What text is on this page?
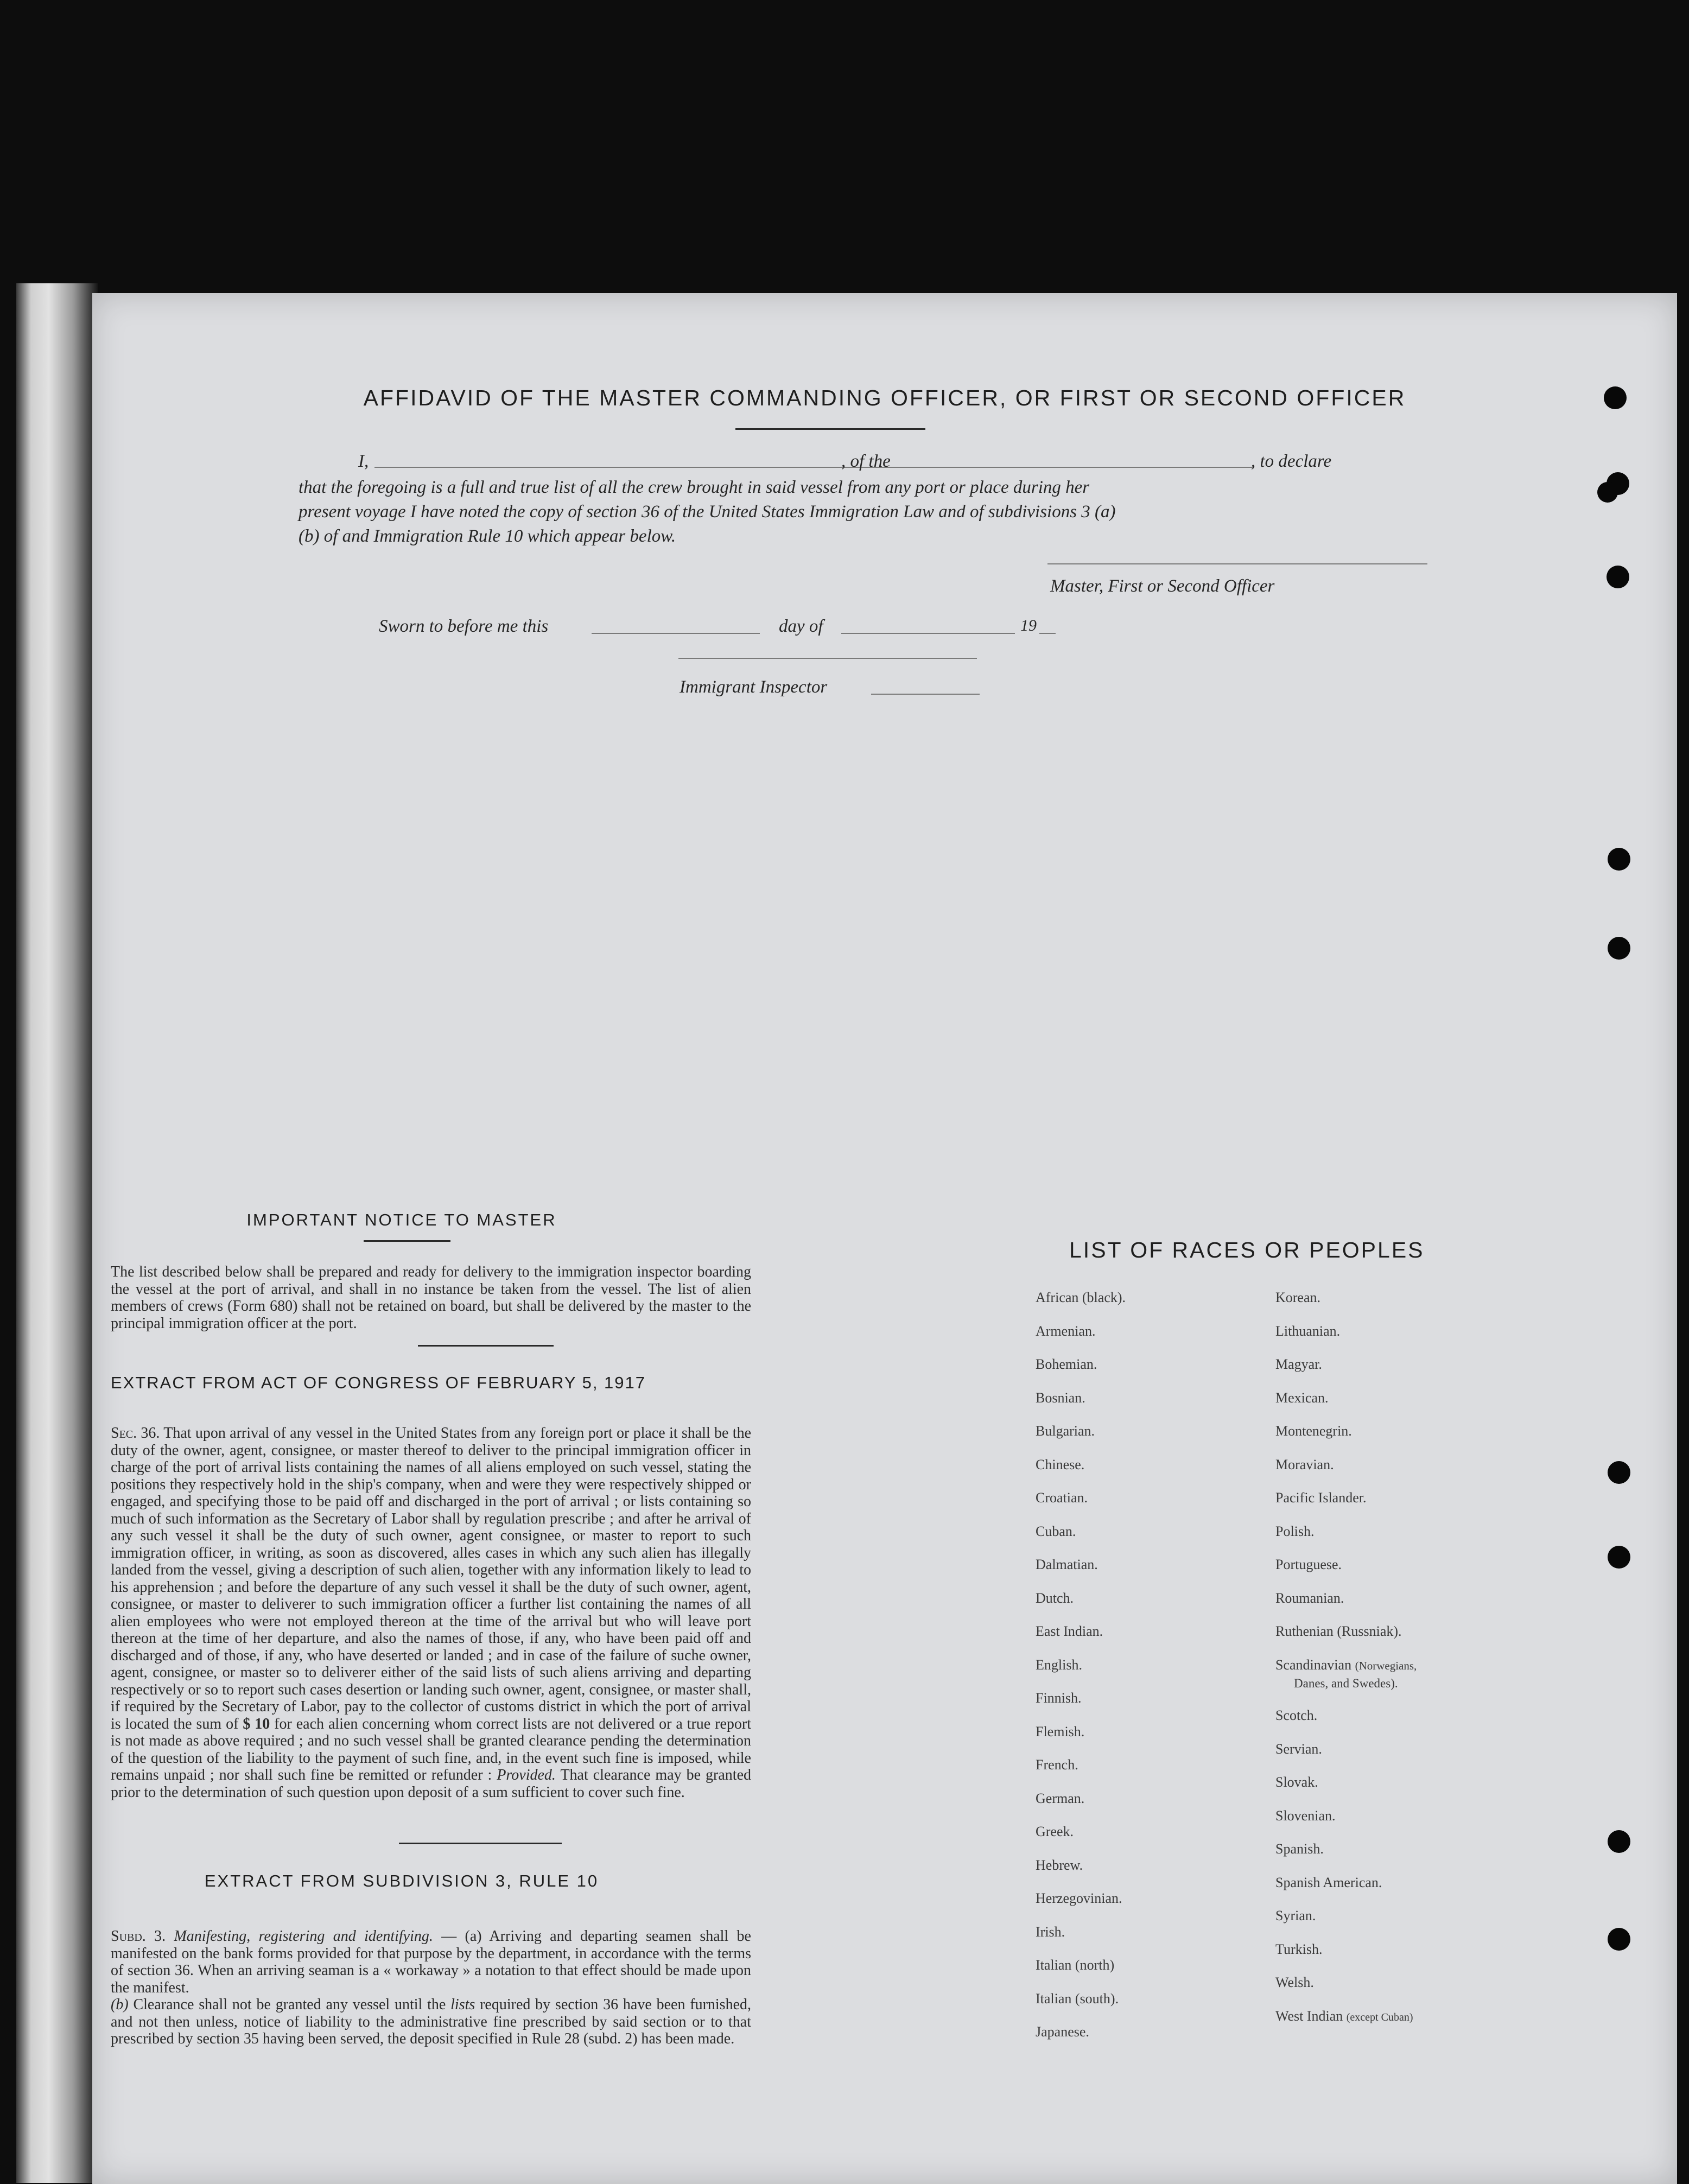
AFFIDAVID OF THE MASTER COMMANDING OFFICER, OR FIRST OR SECOND OFFICER
I,	, of the	, to declare
that the foregoing is a full and true list of all the crew brought in said vessel from any port or place during her
present voyage I have noted the copy of section 36 of the United States Immigration Law and of subdivisions 3 (a)
(b) of and Immigration Rule 10 which appear below.
Master, First or Second Officer
Sworn to before me this	day of	19
Immigrant Inspector
IMPORTANT NOTICE TO MASTER
The list described below shall be prepared and ready for delivery to the immigration inspector boarding the vessel at the port of arrival, and shall in no instance be taken from the vessel. The list of alien members of crews (Form 680) shall not be retained on board, but shall be delivered by the master to the principal immigration officer at the port.
EXTRACT FROM ACT OF CONGRESS OF FEBRUARY 5, 1917
Sec. 36. That upon arrival of any vessel in the United States from any foreign port or place it shall be the duty of the owner, agent, consignee, or master thereof to deliver to the principal immigration officer in charge of the port of arrival lists containing the names of all aliens employed on such vessel, stating the positions they respectively hold in the ship's company, when and were they were respectively shipped or engaged, and specifying those to be paid off and discharged in the port of arrival ; or lists containing so much of such information as the Secretary of Labor shall by regulation prescribe ; and after he arrival of any such vessel it shall be the duty of such owner, agent consignee, or master to report to such immigration officer, in writing, as soon as discovered, alles cases in which any such alien has illegally landed from the vessel, giving a description of such alien, together with any information likely to lead to his apprehension ; and before the departure of any such vessel it shall be the duty of such owner, agent, consignee, or master to deliverer to such immigration officer a further list containing the names of all alien employees who were not employed thereon at the time of the arrival but who will leave port thereon at the time of her departure, and also the names of those, if any, who have been paid off and discharged and of those, if any, who have deserted or landed ; and in case of the failure of suche owner, agent, consignee, or master so to deliverer either of the said lists of such aliens arriving and departing respectively or so to report such cases desertion or landing such owner, agent, consignee, or master shall, if required by the Secretary of Labor, pay to the collector of customs district in which the port of arrival is located the sum of $ 10 for each alien concerning whom correct lists are not delivered or a true report is not made as above required ; and no such vessel shall be granted clearance pending the determination of the question of the liability to the payment of such fine, and, in the event such fine is imposed, while remains unpaid ; nor shall such fine be remitted or refunder : Provided. That clearance may be granted prior to the determination of such question upon deposit of a sum sufficient to cover such fine.
EXTRACT FROM SUBDIVISION 3, RULE 10
Subd. 3. Manifesting, registering and identifying. — (a) Arriving and departing seamen shall be manifested on the bank forms provided for that purpose by the department, in accordance with the terms of section 36. When an arriving seaman is a « workaway » a notation to that effect should be made upon the manifest.
(b) Clearance shall not be granted any vessel until the lists required by section 36 have been furnished, and not then unless, notice of liability to the administrative fine prescribed by said section or to that prescribed by section 35 having been served, the deposit specified in Rule 28 (subd. 2) has been made.
LIST OF RACES OR PEOPLES
African (black).
Armenian.
Bohemian.
Bosnian.
Bulgarian.
Chinese.
Croatian.
Cuban.
Dalmatian.
Dutch.
East Indian.
English.
Finnish.
Flemish.
French.
German.
Greek.
Hebrew.
Herzegovinian.
Irish.
Italian (north)
Italian (south).
Japanese.
Korean.
Lithuanian.
Magyar.
Mexican.
Montenegrin.
Moravian.
Pacific Islander.
Polish.
Portuguese.
Roumanian.
Ruthenian (Russniak).
Scandinavian (Norwegians,
Danes, and Swedes).
Scotch.
Servian.
Slovak.
Slovenian.
Spanish.
Spanish American.
Syrian.
Turkish.
Welsh.
West Indian (except Cuban)
